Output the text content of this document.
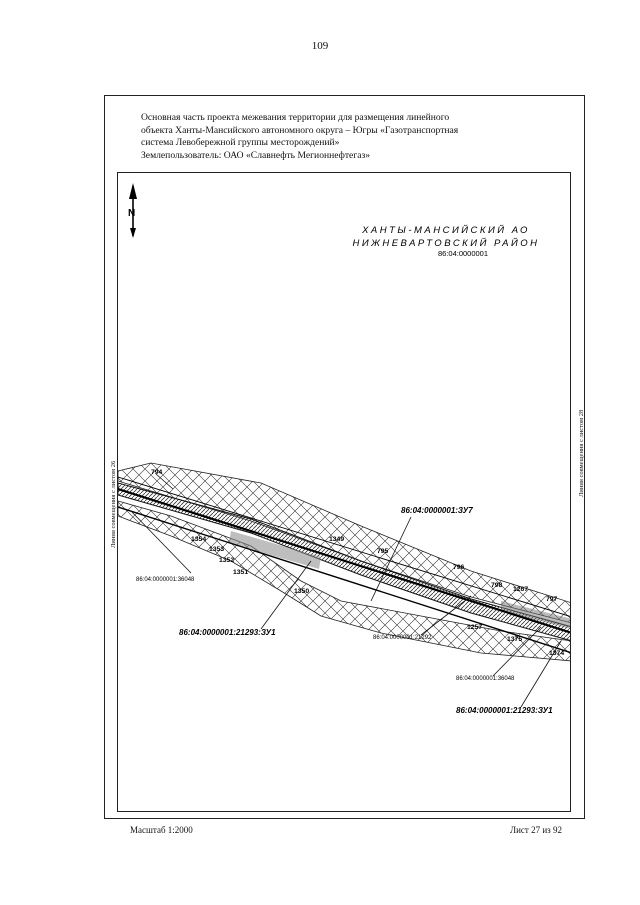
109
Основная часть проекта межевания территории для размещения линейного
объекта Ханты-Мансийского автономного округа – Югры «Газотранспортная
система Левобережной группы месторождений»
Землепользователь: ОАО «Славнефть Мегионнефтегаз»
N
ХАНТЫ-МАНСИЙСКИЙ АО
НИЖНЕВАРТОВСКИЙ РАЙОН
86:04:0000001
794
1354
1353
1352
1351
1349
1350
795
796
798
1267
797
1257
1375
1374
86:04:0000001:ЗУ7
86:04:0000001:21293:ЗУ1
86:04:0000001:21293:ЗУ1
86:04:0000001:36048
86:04:0000001:21292
86:04:0000001:36048
Линия совмещения с листом 26
Линия совмещения с листом 28
Масштаб 1:2000	Лист 27 из 92
